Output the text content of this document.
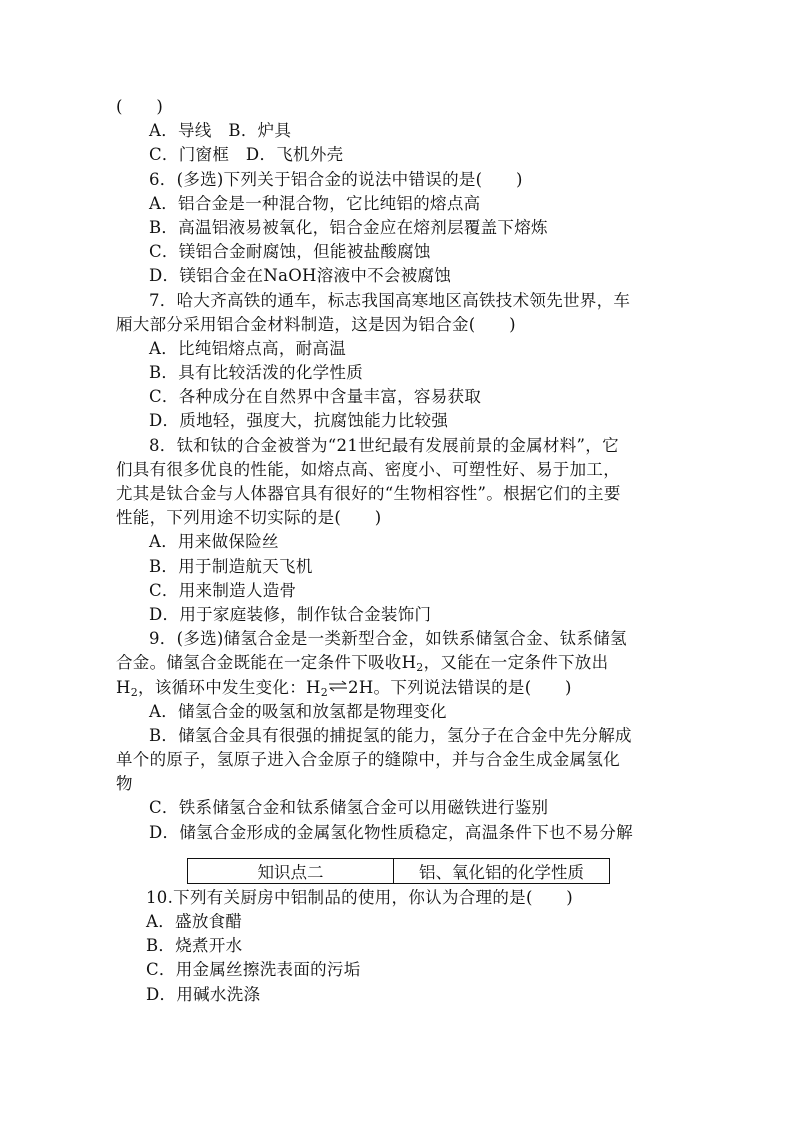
(　　)
A．导线　B．炉具
C．门窗框　D．飞机外壳
6．(多选)下列关于铝合金的说法中错误的是(　　)
A．铝合金是一种混合物，它比纯铝的熔点高
B．高温铝液易被氧化，铝合金应在熔剂层覆盖下熔炼
C．镁铝合金耐腐蚀，但能被盐酸腐蚀
D．镁铝合金在NaOH溶液中不会被腐蚀
7．哈大齐高铁的通车，标志我国高寒地区高铁技术领先世界，车
厢大部分采用铝合金材料制造，这是因为铝合金(　　)
A．比纯铝熔点高，耐高温
B．具有比较活泼的化学性质
C．各种成分在自然界中含量丰富，容易获取
D．质地轻，强度大，抗腐蚀能力比较强
8．钛和钛的合金被誉为“21世纪最有发展前景的金属材料”，它
们具有很多优良的性能，如熔点高、密度小、可塑性好、易于加工，
尤其是钛合金与人体器官具有很好的“生物相容性”。根据它们的主要
性能，下列用途不切实际的是(　　)
A．用来做保险丝
B．用于制造航天飞机
C．用来制造人造骨
D．用于家庭装修，制作钛合金装饰门
9．(多选)储氢合金是一类新型合金，如铁系储氢合金、钛系储氢
合金。储氢合金既能在一定条件下吸收$H_2$，又能在一定条件下放出
$H_2$，该循环中发生变化：$H_2\rightleftharpoons 2H$。下列说法错误的是(　　)
A．储氢合金的吸氢和放氢都是物理变化
B．储氢合金具有很强的捕捉氢的能力，氢分子在合金中先分解成
单个的原子，氢原子进入合金原子的缝隙中，并与合金生成金属氢化
物
C．铁系储氢合金和钛系储氢合金可以用磁铁进行鉴别
D．储氢合金形成的金属氢化物性质稳定，高温条件下也不易分解
知识点二	铝、氧化铝的化学性质
10.下列有关厨房中铝制品的使用，你认为合理的是(　　)
A．盛放食醋
B．烧煮开水
C．用金属丝擦洗表面的污垢
D．用碱水洗涤
